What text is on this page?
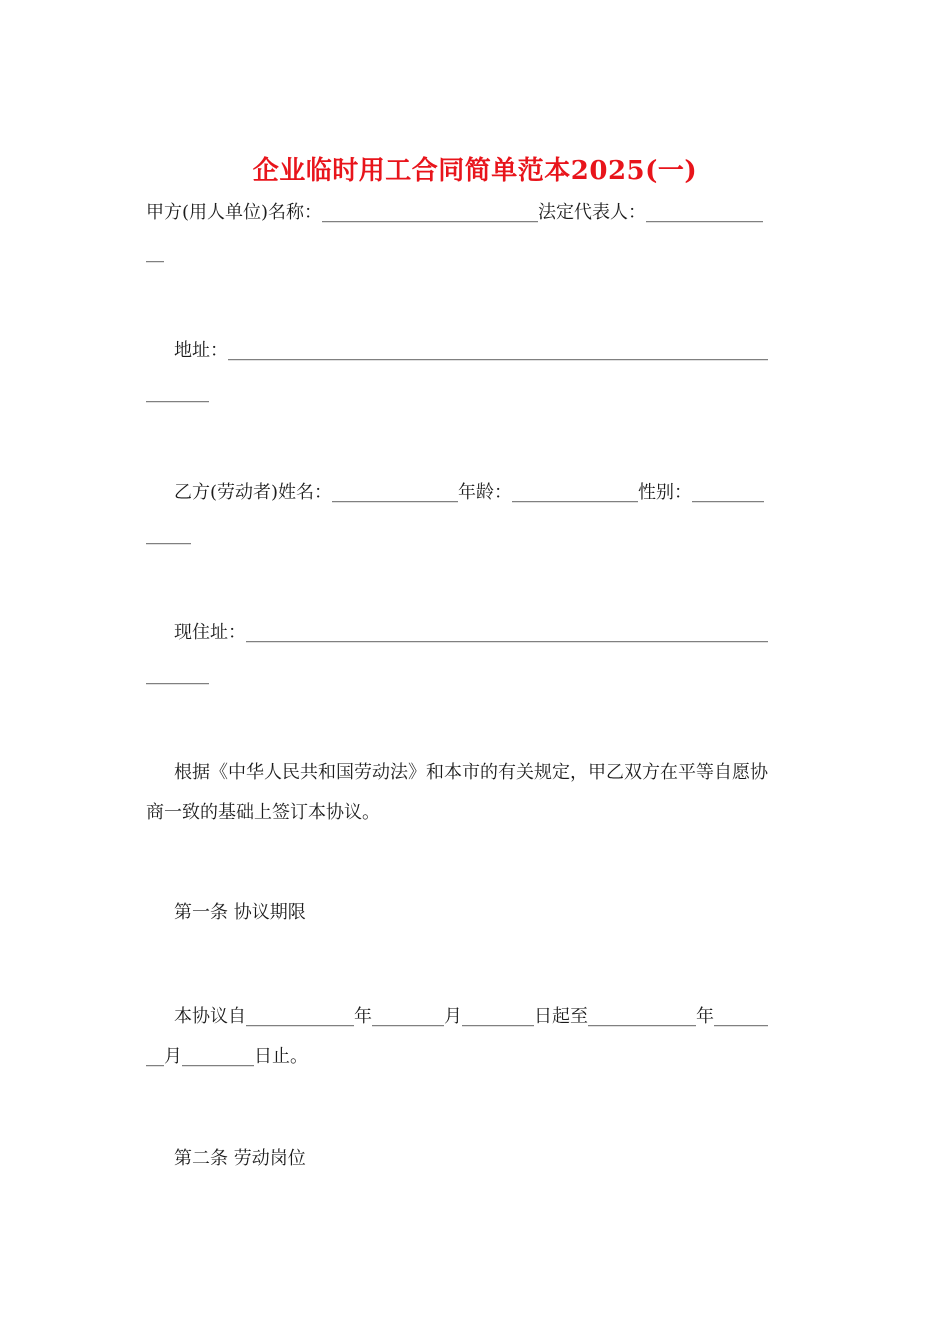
企业临时用工合同简单范本2025(一)
甲方(用人单位)名称：________________________法定代表人：_____________
__
地址：____________________________________________________________
_______
乙方(劳动者)姓名：______________年龄：______________性别：________
_____
现住址：__________________________________________________________
_______
根据《中华人民共和国劳动法》和本市的有关规定，甲乙双方在平等自愿协
商一致的基础上签订本协议。
第一条 协议期限
本协议自____________年________月________日起至____________年______
__月________日止。
第二条 劳动岗位
